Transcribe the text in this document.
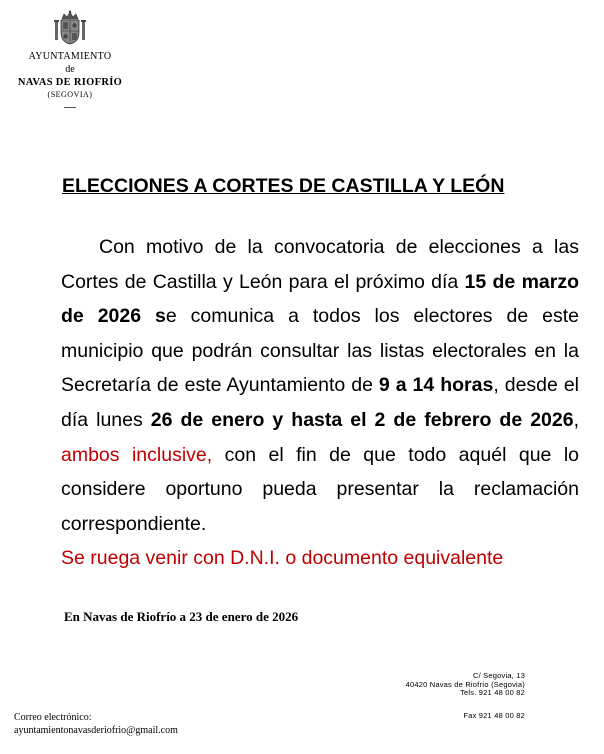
AYUNTAMIENTO
de
NAVAS DE RIOFRÍO
(SEGOVIA)
ELECCIONES A CORTES DE CASTILLA Y LEÓN
Con motivo de la convocatoria de elecciones a las Cortes de Castilla y León para el próximo día 15 de marzo de 2026 se comunica a todos los electores de este municipio que podrán consultar las listas electorales en la Secretaría de este Ayuntamiento de 9 a 14 horas, desde el día lunes 26 de enero y hasta el 2 de febrero de 2026, ambos inclusive, con el fin de que todo aquél que lo considere oportuno pueda presentar la reclamación correspondiente.
Se ruega venir con D.N.I. o documento equivalente
En Navas de Riofrío a 23 de enero de 2026
C/ Segovia, 13
40420 Navas de Riofrío (Segovia)
Tels. 921 48 00 82
Fax 921 48 00 82
Correo electrónico:
ayuntamientonavasderiofrio@gmail.com
